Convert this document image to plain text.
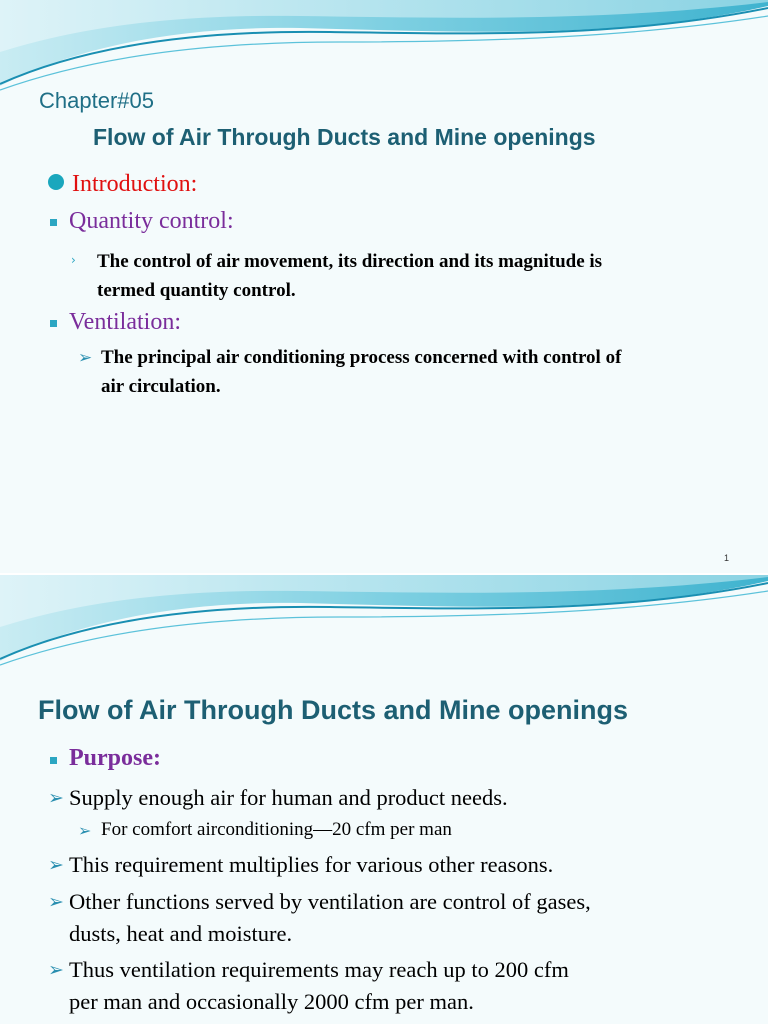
Chapter#05
Flow of Air Through Ducts and Mine openings
Introduction:
Quantity control:
› The control of air movement, its direction and its magnitude is
termed quantity control.
Ventilation:
➢ The principal air conditioning process concerned with control of
air circulation.
1
Flow of Air Through Ducts and Mine openings
Purpose:
➢ Supply enough air for human and product needs.
➢ For comfort airconditioning—20 cfm per man
➢ This requirement multiplies for various other reasons.
➢ Other functions served by ventilation are control of gases,
dusts, heat and moisture.
➢ Thus ventilation requirements may reach up to 200 cfm
per man and occasionally 2000 cfm per man.
